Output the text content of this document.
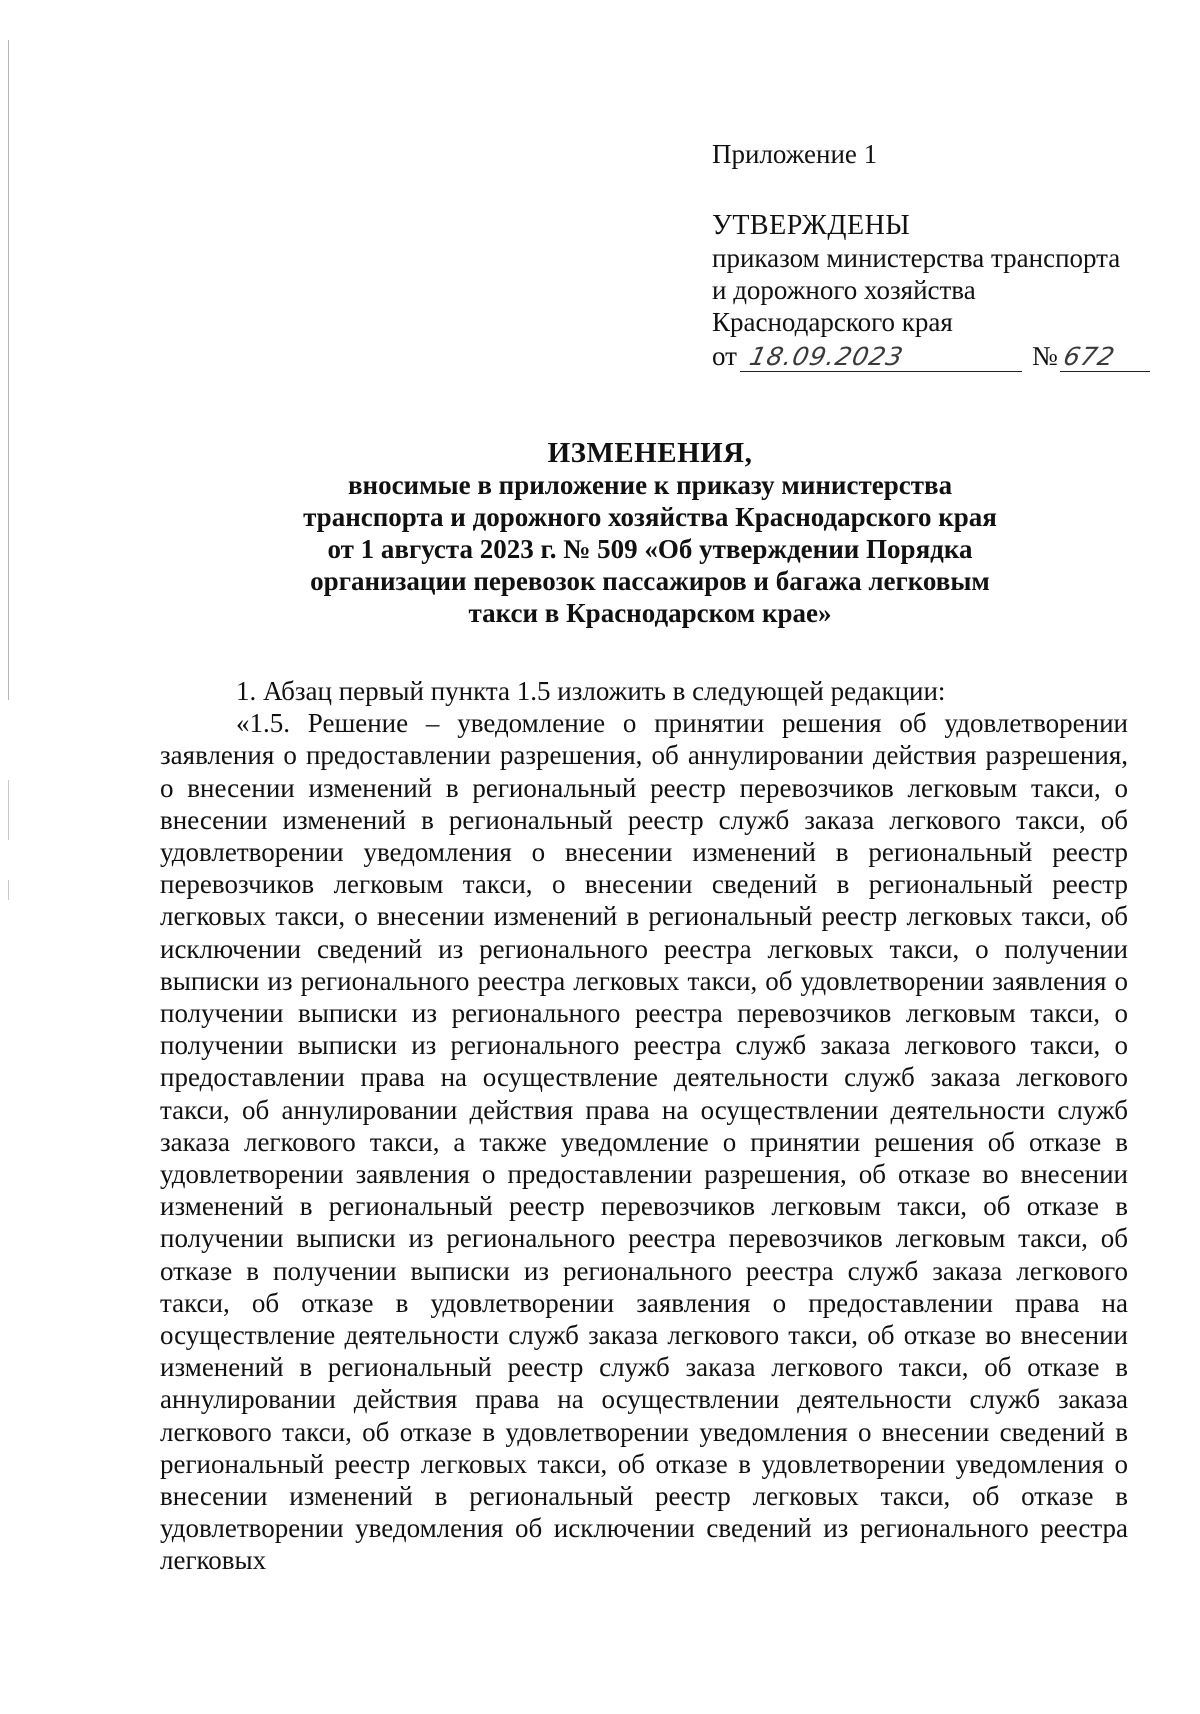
Приложение 1
УТВЕРЖДЕНЫ
приказом министерства транспорта
и дорожного хозяйства
Краснодарского края
от 18.09.2023	№ 672
ИЗМЕНЕНИЯ,
вносимые в приложение к приказу министерства
транспорта и дорожного хозяйства Краснодарского края
от 1 августа 2023 г. № 509 «Об утверждении Порядка
организации перевозок пассажиров и багажа легковым
такси в Краснодарском крае»

1. Абзац первый пункта 1.5 изложить в следующей редакции:

«1.5. Решение – уведомление о принятии решения об удовлетворении заявления о предоставлении разрешения, об аннулировании действия разрешения, о внесении изменений в региональный реестр перевозчиков легковым такси, о внесении изменений в региональный реестр служб заказа легкового такси, об удовлетворении уведомления о внесении изменений в региональный реестр перевозчиков легковым такси, о внесении сведений в региональный реестр легковых такси, о внесении изменений в региональный реестр легковых такси, об исключении сведений из регионального реестра легковых такси, о получении выписки из регионального реестра легковых такси, об удовлетворении заявления о получении выписки из регионального реестра перевозчиков легковым такси, о получении выписки из регионального реестра служб заказа легкового такси, о предоставлении права на осуществление деятельности служб заказа легкового такси, об аннулировании действия права на осуществлении деятельности служб заказа легкового такси, а также уведомление о принятии решения об отказе в удовлетворении заявления о предоставлении разрешения, об отказе во внесении изменений в региональный реестр перевозчиков легковым такси, об отказе в получении выписки из регионального реестра перевозчиков легковым такси, об отказе в получении выписки из регионального реестра служб заказа легкового такси, об отказе в удовлетворении заявления о предоставлении права на осуществление деятельности служб заказа легкового такси, об отказе во внесении изменений в региональный реестр служб заказа легкового такси, об отказе в аннулировании действия права на осуществлении деятельности служб заказа легкового такси, об отказе в удовлетворении уведомления о внесении сведений в региональный реестр легковых такси, об отказе в удовлетворении уведомления о внесении изменений в региональный реестр легковых такси, об отказе в удовлетворении уведомления об исключении сведений из регионального реестра легковых
